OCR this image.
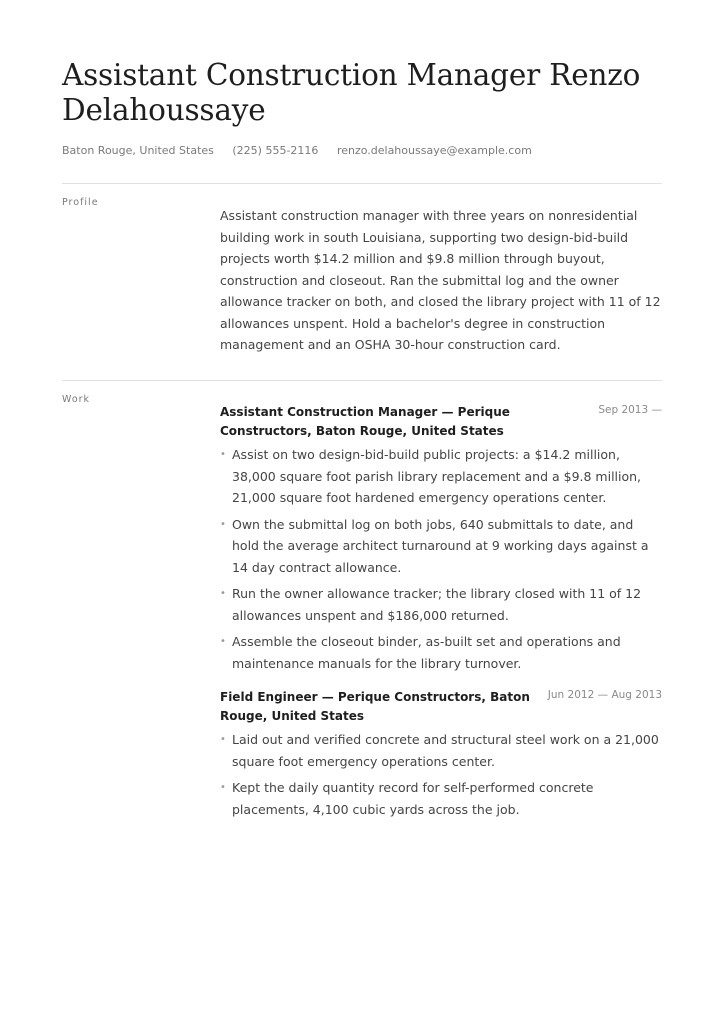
Assistant Construction Manager Renzo Delahoussaye
Baton Rouge, United States (225) 555-2116 renzo.delahoussaye@example.com
Profile

Assistant construction manager with three years on nonresidential building work in south Louisiana, supporting two design-bid-build projects worth $14.2 million and $9.8 million through buyout, construction and closeout. Ran the submittal log and the owner allowance tracker on both, and closed the library project with 11 of 12 allowances unspent. Hold a bachelor's degree in construction management and an OSHA 30-hour construction card.

Work
Assistant Construction Manager — Perique Constructors, Baton Rouge, United States
Sep 2013 —
• Assist on two design-bid-build public projects: a $14.2 million, 38,000 square foot parish library replacement and a $9.8 million, 21,000 square foot hardened emergency operations center.
• Own the submittal log on both jobs, 640 submittals to date, and hold the average architect turnaround at 9 working days against a 14 day contract allowance.
• Run the owner allowance tracker; the library closed with 11 of 12 allowances unspent and $186,000 returned.
• Assemble the closeout binder, as-built set and operations and maintenance manuals for the library turnover.
Field Engineer — Perique Constructors, Baton Rouge, United States
Jun 2012 — Aug 2013
• Laid out and verified concrete and structural steel work on a 21,000 square foot emergency operations center.
• Kept the daily quantity record for self-performed concrete placements, 4,100 cubic yards across the job.
